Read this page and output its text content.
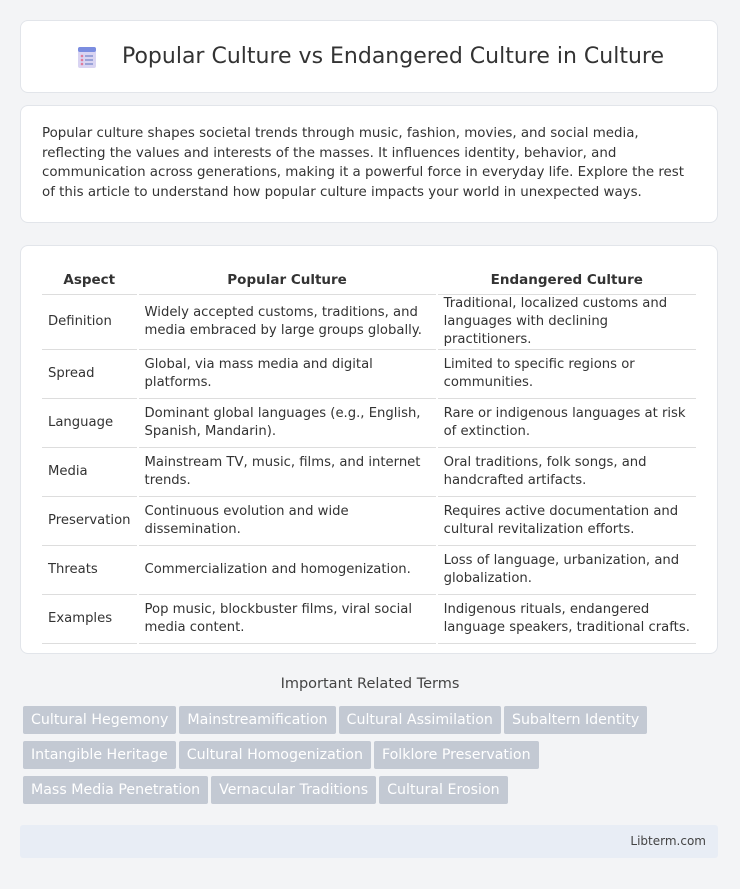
Popular Culture vs Endangered Culture in Culture

Popular culture shapes societal trends through music, fashion, movies, and social media, reflecting the values and interests of the masses. It influences identity, behavior, and communication across generations, making it a powerful force in everyday life. Explore the rest of this article to understand how popular culture impacts your world in unexpected ways.

Aspect	Popular Culture	Endangered Culture
Definition	Widely accepted customs, traditions, and media embraced by large groups globally.	Traditional, localized customs and languages with declining practitioners.
Spread	Global, via mass media and digital platforms.	Limited to specific regions or communities.
Language	Dominant global languages (e.g., English, Spanish, Mandarin).	Rare or indigenous languages at risk of extinction.
Media	Mainstream TV, music, films, and internet trends.	Oral traditions, folk songs, and handcrafted artifacts.
Preservation	Continuous evolution and wide dissemination.	Requires active documentation and cultural revitalization efforts.
Threats	Commercialization and homogenization.	Loss of language, urbanization, and globalization.
Examples	Pop music, blockbuster films, viral social media content.	Indigenous rituals, endangered language speakers, traditional crafts.
Important Related Terms
Cultural Hegemony Mainstreamification Cultural Assimilation Subaltern Identity
Intangible Heritage Cultural Homogenization Folklore Preservation
Mass Media Penetration Vernacular Traditions Cultural Erosion
Libterm.com
